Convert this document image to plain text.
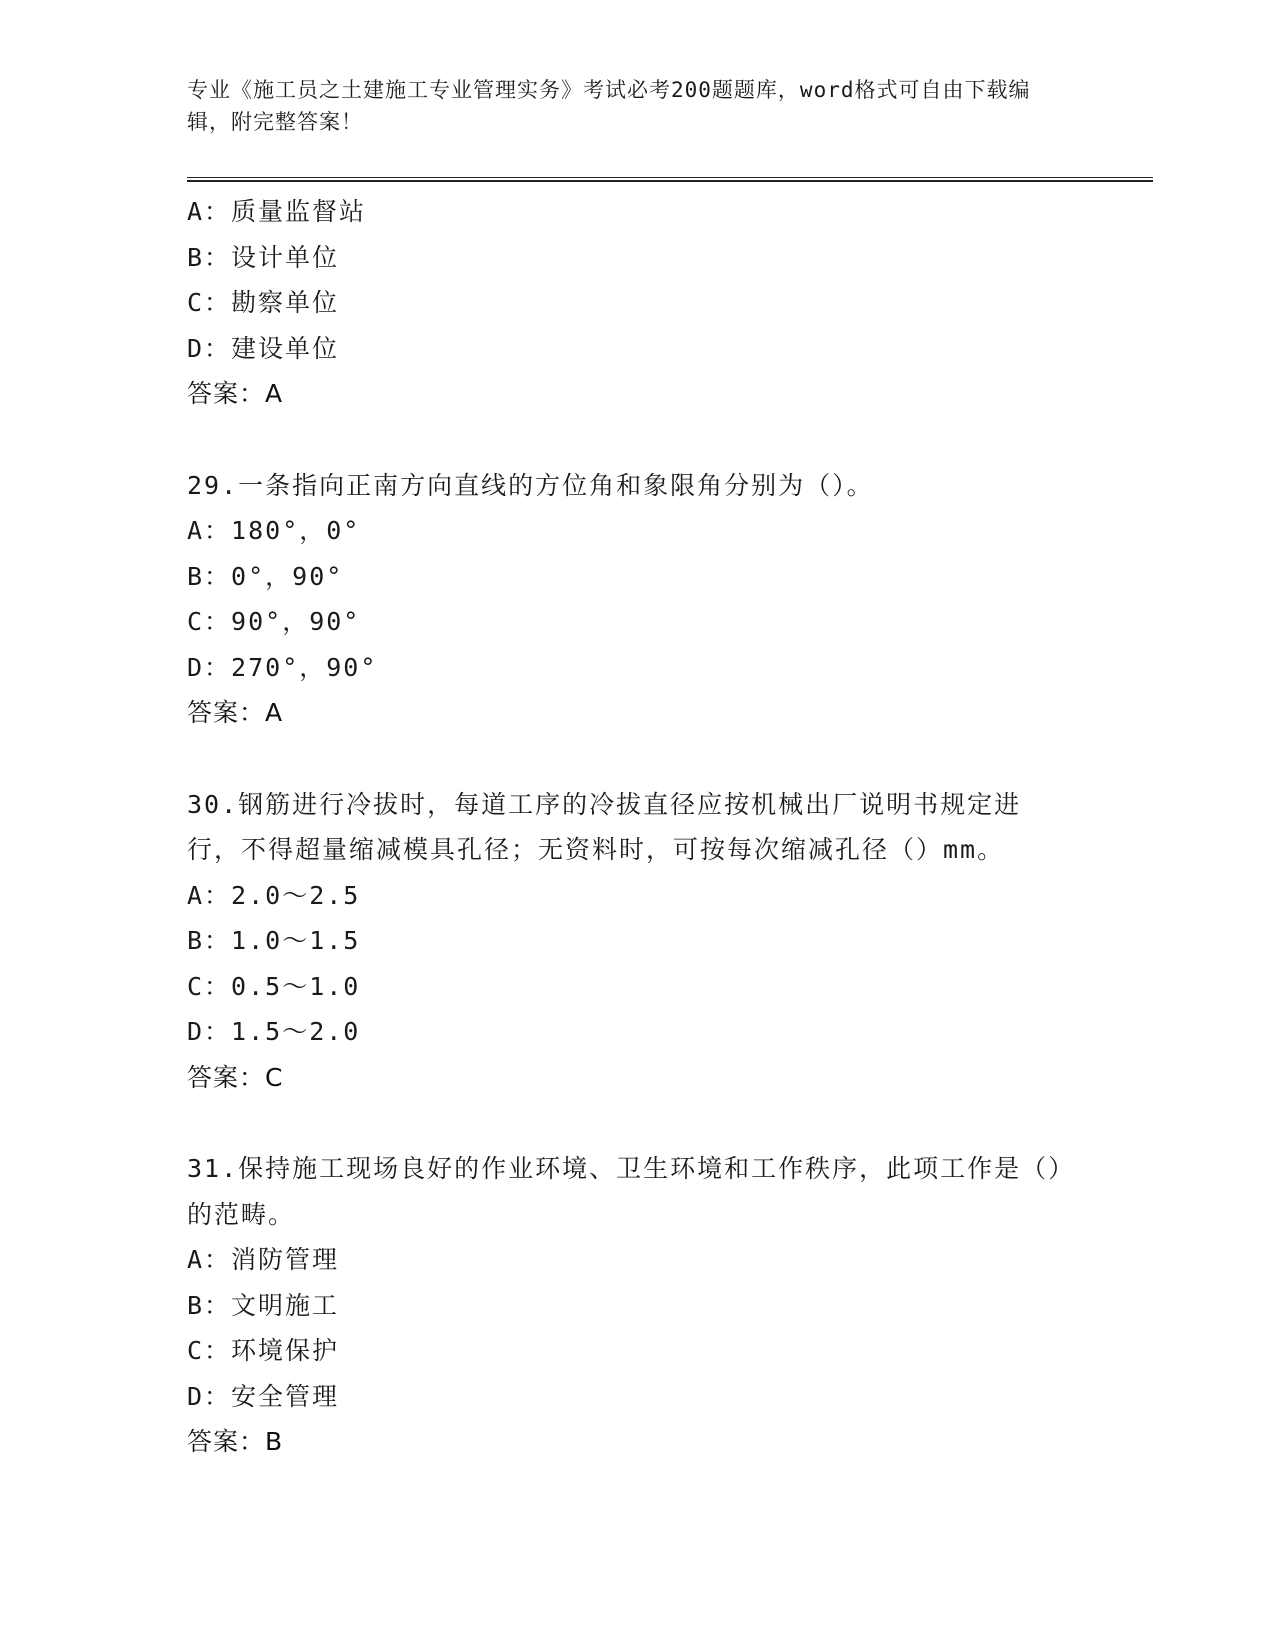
专业《施工员之土建施工专业管理实务》考试必考200题题库，word格式可自由下载编辑，附完整答案！
A：质量监督站
B：设计单位
C：勘察单位
D：建设单位
答案：A
29.一条指向正南方向直线的方位角和象限角分别为（）。
A：180°，0°
B：0°，90°
C：90°，90°
D：270°，90°
答案：A
30.钢筋进行冷拔时，每道工序的冷拔直径应按机械出厂说明书规定进行，不得超量缩减模具孔径；无资料时，可按每次缩减孔径（）mm。
A：2.0～2.5
B：1.0～1.5
C：0.5～1.0
D：1.5～2.0
答案：C
31.保持施工现场良好的作业环境、卫生环境和工作秩序，此项工作是（）的范畴。
A：消防管理
B：文明施工
C：环境保护
D：安全管理
答案：B
